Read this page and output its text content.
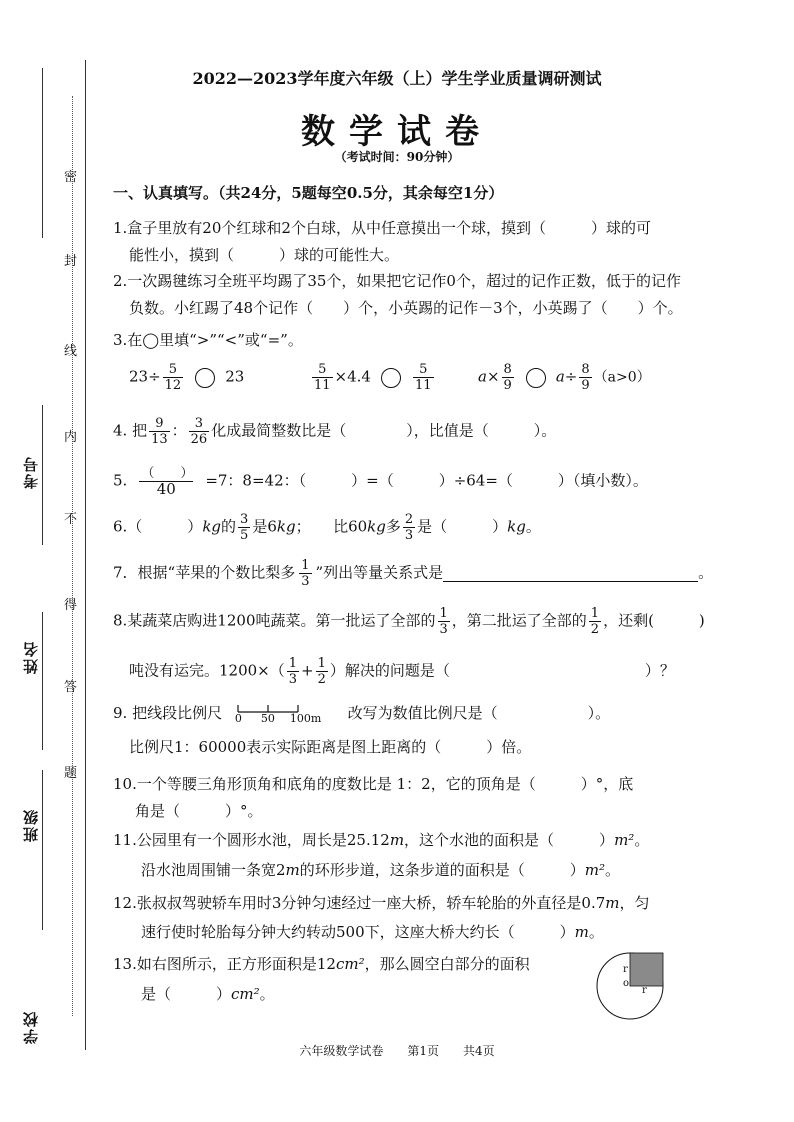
考号
姓名
班级
学校
密
封
线
内
不
得
答
题
2022—2023学年度六年级（上）学生学业质量调研测试
数学试卷
（考试时间：90分钟）
一、认真填写。（共24分，5题每空0.5分，其余每空1分）
1.盒子里放有20个红球和2个白球，从中任意摸出一个球，摸到（　　　）球的可
能性小，摸到（　　　）球的可能性大。
2.一次踢毽练习全班平均踢了35个，如果把它记作0个，超过的记作正数，低于的记作
负数。小红踢了48个记作（　　）个，小英踢的记作－3个，小英踢了（　　）个。
3.在◯里填“>”“<”或“=”。
$23\div \frac{5}{12}$	23	$\frac{5}{11} \times 4.4$	$\frac{5}{11}$	$a\times \frac{8}{9}$	$a\div \frac{8}{9} (a>0)$
4. 把 $\frac{9}{13}$ ： $\frac{3}{26}$ 化成最简整数比是（　　　　），比值是（　　　）。
5. $\frac{( )}{40} =7$：8=42：（　　　）=（　　　）÷64=（　　　）（填小数）。
6.（　　　）kg的 $\frac{3}{5}$ 是6kg；　　比60kg多 $\frac{2}{3}$ 是（　　　）kg。
7．根据“苹果的个数比梨多 $\frac{1}{3}$ ”列出等量关系式是	。
8.某蔬菜店购进1200吨蔬菜。第一批运了全部的 $\frac{1}{3}$ ，第二批运了全部的 $\frac{1}{2}$ ，还剩(　　　)
吨没有运完。$1200\times( \frac{1}{3} + \frac{1}{2}$ ）解决的问题是（　　　　　　　　　　　　　）？
9. 把线段比例尺 0 50 100m 改写为数值比例尺是（　　　　　　）。
比例尺1：60000表示实际距离是图上距离的（　　　）倍。
10.一个等腰三角形顶角和底角的度数比是 1：2，它的顶角是（　　　）°，底
角是（　　　）°。
11.公园里有一个圆形水池，周长是25.12m，这个水池的面积是（　　　）m²。
沿水池周围铺一条宽2m的环形步道，这条步道的面积是（　　　）m²。
12.张叔叔驾驶轿车用时3分钟匀速经过一座大桥，轿车轮胎的外直径是0.7m，匀
速行使时轮胎每分钟大约转动500下，这座大桥大约长（　　　）m。
13.如右图所示，正方形面积是12cm²，那么圆空白部分的面积
是（　　　）cm²。
r
o
r
六年级数学试卷　　第1页　　共4页
